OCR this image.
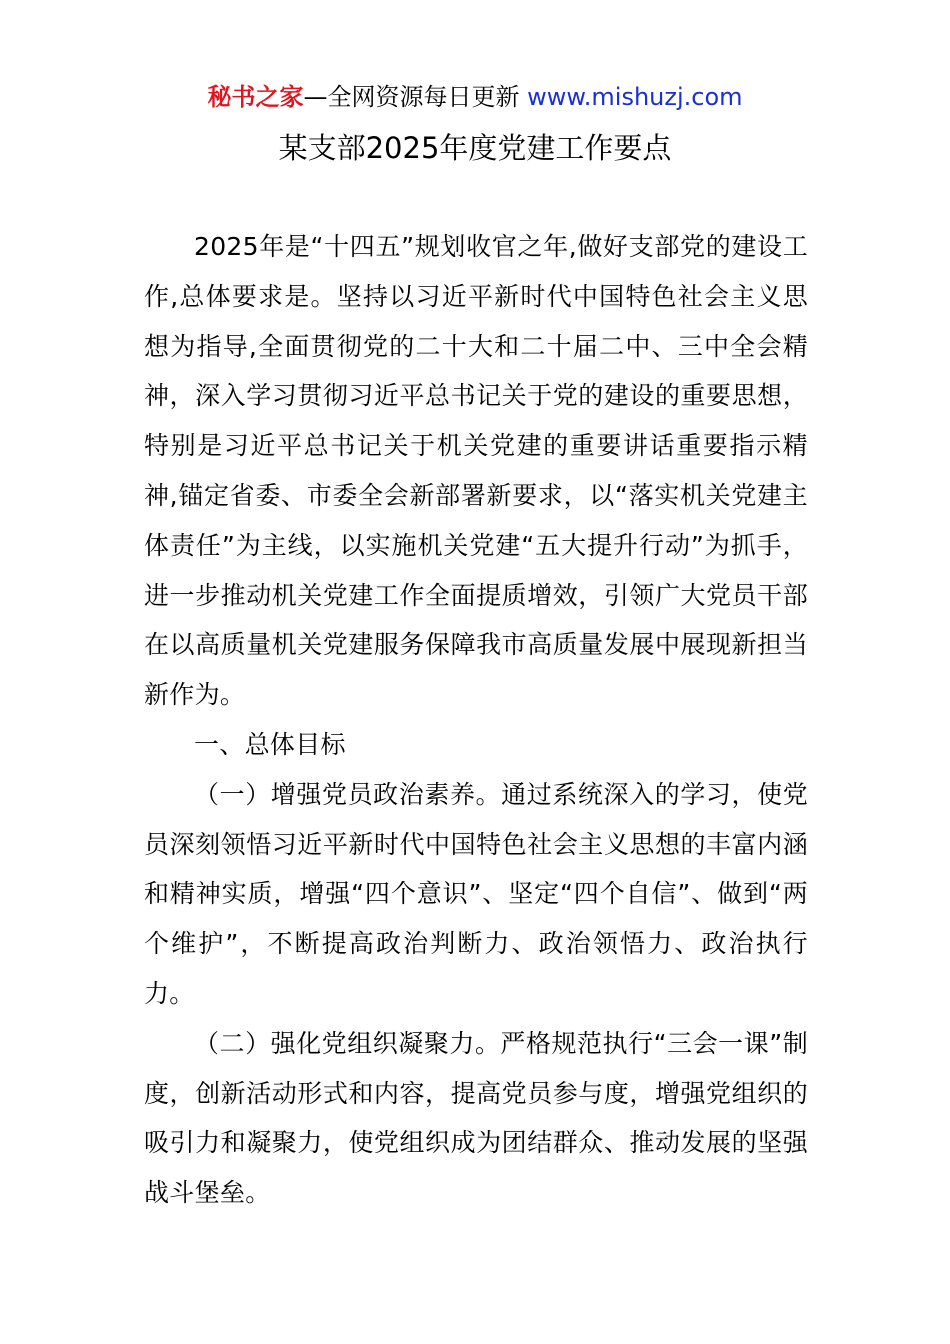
秘书之家—全网资源每日更新 www.mishuzj.com
某支部2025年度党建工作要点

2025年是“十四五”规划收官之年,做好支部党的建设工作,总体要求是。坚持以习近平新时代中国特色社会主义思想为指导,全面贯彻党的二十大和二十届二中、三中全会精神，深入学习贯彻习近平总书记关于党的建设的重要思想，特别是习近平总书记关于机关党建的重要讲话重要指示精神,锚定省委、市委全会新部署新要求，以“落实机关党建主体责任”为主线，以实施机关党建“五大提升行动”为抓手，进一步推动机关党建工作全面提质增效，引领广大党员干部在以高质量机关党建服务保障我市高质量发展中展现新担当新作为。

一、总体目标

（一）增强党员政治素养。通过系统深入的学习，使党员深刻领悟习近平新时代中国特色社会主义思想的丰富内涵和精神实质，增强“四个意识”、坚定“四个自信”、做到“两个维护”，不断提高政治判断力、政治领悟力、政治执行力。

（二）强化党组织凝聚力。严格规范执行“三会一课”制度，创新活动形式和内容，提高党员参与度，增强党组织的吸引力和凝聚力，使党组织成为团结群众、推动发展的坚强战斗堡垒。
